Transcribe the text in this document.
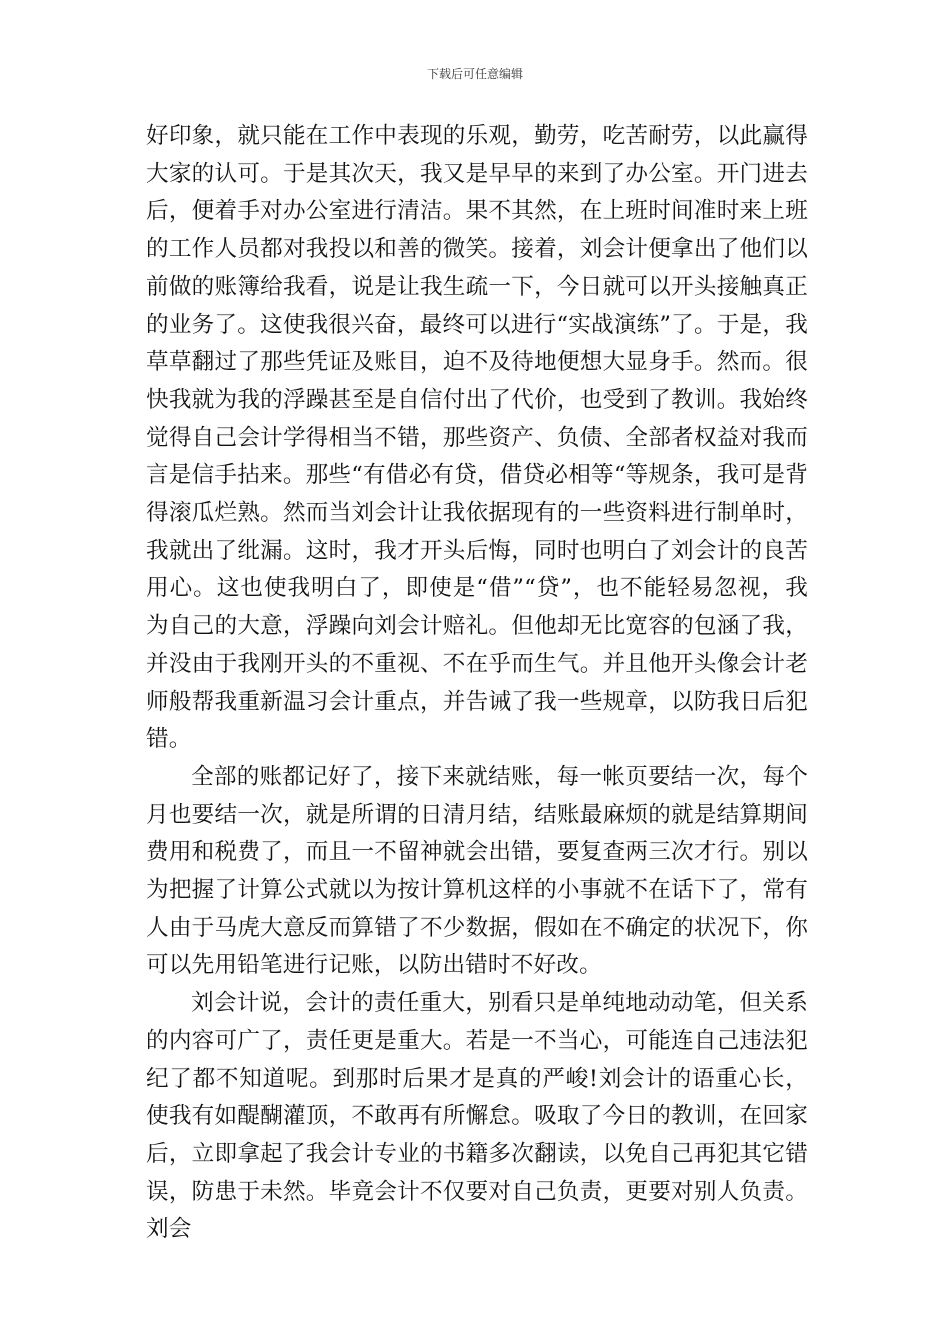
下载后可任意编辑

好印象，就只能在工作中表现的乐观，勤劳，吃苦耐劳，以此赢得大家的认可。于是其次天，我又是早早的来到了办公室。开门进去后，便着手对办公室进行清洁。果不其然，在上班时间准时来上班的工作人员都对我投以和善的微笑。接着，刘会计便拿出了他们以前做的账簿给我看，说是让我生疏一下，今日就可以开头接触真正的业务了。这使我很兴奋，最终可以进行“实战演练”了。于是，我草草翻过了那些凭证及账目，迫不及待地便想大显身手。然而。很快我就为我的浮躁甚至是自信付出了代价，也受到了教训。我始终觉得自己会计学得相当不错，那些资产、负债、全部者权益对我而言是信手拈来。那些“有借必有贷，借贷必相等“等规条，我可是背得滚瓜烂熟。然而当刘会计让我依据现有的一些资料进行制单时，我就出了纰漏。这时，我才开头后悔，同时也明白了刘会计的良苦用心。这也使我明白了，即使是“借”“贷”，也不能轻易忽视，我为自己的大意，浮躁向刘会计赔礼。但他却无比宽容的包涵了我，并没由于我刚开头的不重视、不在乎而生气。并且他开头像会计老师般帮我重新温习会计重点，并告诫了我一些规章，以防我日后犯错。

全部的账都记好了，接下来就结账，每一帐页要结一次，每个月也要结一次，就是所谓的日清月结，结账最麻烦的就是结算期间费用和税费了，而且一不留神就会出错，要复查两三次才行。别以为把握了计算公式就以为按计算机这样的小事就不在话下了，常有人由于马虎大意反而算错了不少数据，假如在不确定的状况下，你可以先用铅笔进行记账，以防出错时不好改。

刘会计说，会计的责任重大，别看只是单纯地动动笔，但关系的内容可广了，责任更是重大。若是一不当心，可能连自己违法犯纪了都不知道呢。到那时后果才是真的严峻!刘会计的语重心长，使我有如醍醐灌顶，不敢再有所懈怠。吸取了今日的教训，在回家后，立即拿起了我会计专业的书籍多次翻读，以免自己再犯其它错误，防患于未然。毕竟会计不仅要对自己负责，更要对别人负责。刘会
